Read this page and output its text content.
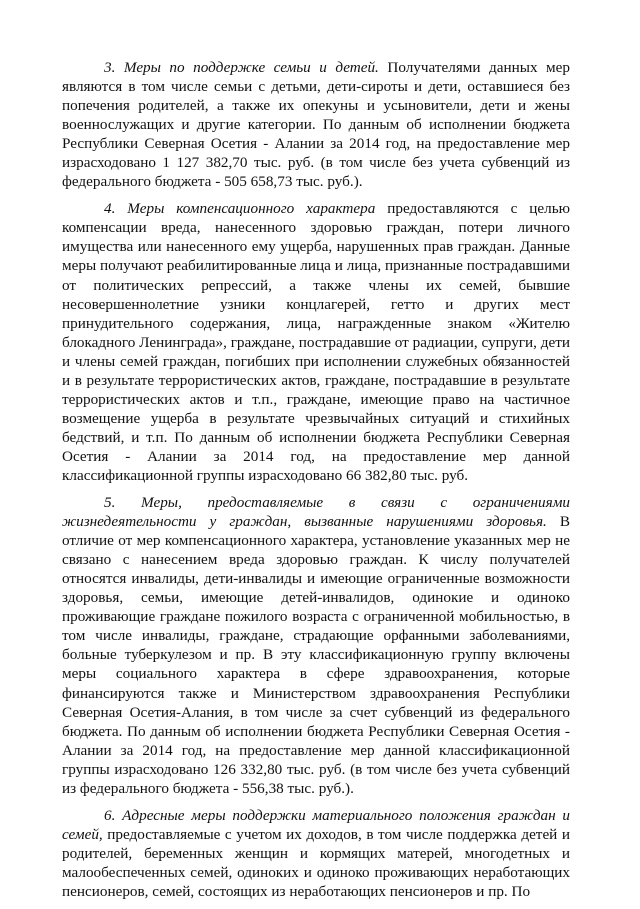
3. Меры по поддержке семьи и детей. Получателями данных мер являются в том числе семьи с детьми, дети-сироты и дети, оставшиеся без попечения родителей, а также их опекуны и усыновители, дети и жены военнослужащих и другие категории. По данным об исполнении бюджета Республики Северная Осетия - Алании за 2014 год, на предоставление мер израсходовано 1 127 382,70 тыс. руб. (в том числе без учета субвенций из федерального бюджета - 505 658,73 тыс. руб.).

4. Меры компенсационного характера предоставляются с целью компенсации вреда, нанесенного здоровью граждан, потери личного имущества или нанесенного ему ущерба, нарушенных прав граждан. Данные меры получают реабилитированные лица и лица, признанные пострадавшими от политических репрессий, а также члены их семей, бывшие несовершеннолетние узники концлагерей, гетто и других мест принудительного содержания, лица, награжденные знаком «Жителю блокадного Ленинграда», граждане, пострадавшие от радиации, супруги, дети и члены семей граждан, погибших при исполнении служебных обязанностей и в результате террористических актов, граждане, пострадавшие в результате террористических актов и т.п., граждане, имеющие право на частичное возмещение ущерба в результате чрезвычайных ситуаций и стихийных бедствий, и т.п. По данным об исполнении бюджета Республики Северная Осетия - Алании за 2014 год, на предоставление мер данной классификационной группы израсходовано 66 382,80 тыс. руб.

5. Меры, предоставляемые в связи с ограничениями жизнедеятельности у граждан, вызванные нарушениями здоровья. В отличие от мер компенсационного характера, установление указанных мер не связано с нанесением вреда здоровью граждан. К числу получателей относятся инвалиды, дети-инвалиды и имеющие ограниченные возможности здоровья, семьи, имеющие детей-инвалидов, одинокие и одиноко проживающие граждане пожилого возраста с ограниченной мобильностью, в том числе инвалиды, граждане, страдающие орфанными заболеваниями, больные туберкулезом и пр. В эту классификационную группу включены меры социального характера в сфере здравоохранения, которые финансируются также и Министерством здравоохранения Республики Северная Осетия-Алания, в том числе за счет субвенций из федерального бюджета. По данным об исполнении бюджета Республики Северная Осетия - Алании за 2014 год, на предоставление мер данной классификационной группы израсходовано 126 332,80 тыс. руб. (в том числе без учета субвенций из федерального бюджета - 556,38 тыс. руб.).

6. Адресные меры поддержки материального положения граждан и семей, предоставляемые с учетом их доходов, в том числе поддержка детей и родителей, беременных женщин и кормящих матерей, многодетных и малообеспеченных семей, одиноких и одиноко проживающих неработающих пенсионеров, семей, состоящих из неработающих пенсионеров и пр. По
